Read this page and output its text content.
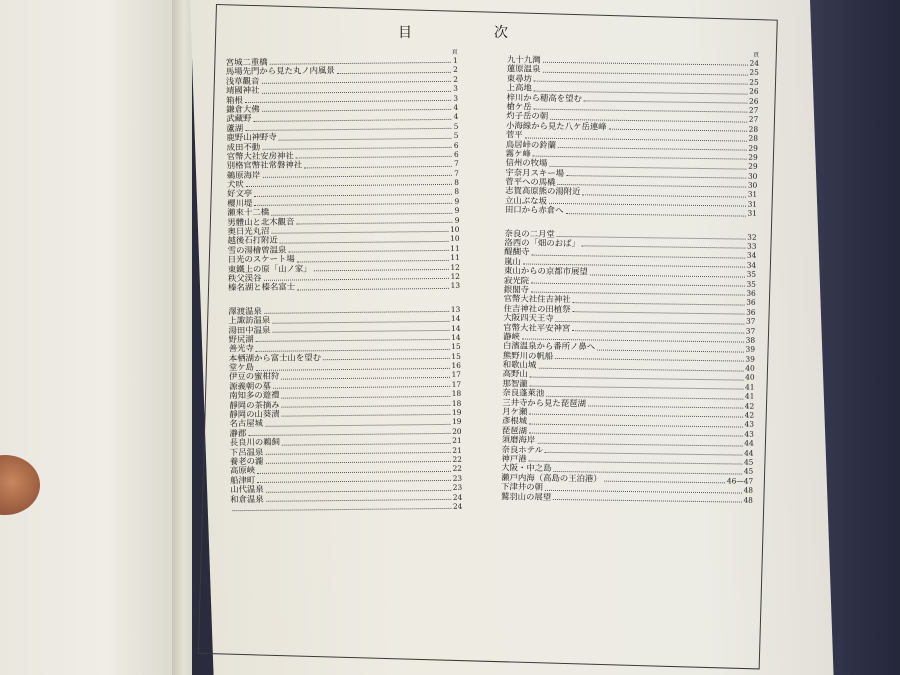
目　次
頁
宮城二重橋	1
馬場先門から見た丸ノ内風景	2
浅草觀音	2
靖國神社	3
箱根	3
鎌倉大佛	4
武藏野	4
蘆湖	5
鹿野山神野寺	5
成田不動	6
官幣大社安房神社	6
別格官幣社常磐神社	7
鵜原海岸	7
犬吠	8
好文亭	8
櫻川堤	9
瀨來十二橋	9
男體山と北木觀音	9
奥日光丸沼	10
越後石打附近	10
雪の湯檜曾温泉	11
日光のスケート場	11
東鐵上の原「山ノ家」	12
秩父渓谷	12
榛名湖と榛名富士	13
澤渡温泉	13
上諏訪温泉	14
湯田中温泉	14
野尻湖	14
善光寺	15
本栖湖から富士山を望む	15
堂ケ島	16
伊豆の蜜柑狩	17
源義朝の墓	17
南知多の遊禮	18
靜岡の茶摘み	18
靜岡の山葵漬	19
名古屋城	19
瀞郡	20
長良川の鵜飼	21
下呂温泉	21
養老の瀧	22
高原峽	22
船津町	23
山代温泉	23
和倉温泉	24
24
頁
九十九灣	24
蓮原温泉	25
東尋坊	25
上高地	26
梓川から穂高を望む	26
槍ケ岳	27
灼子岳の朝	27
小海線から見た八ケ岳連峰	28
菅平	28
鳥居峠の鈴蘭	29
霧ケ峰	29
信州の牧場	29
宇奈月スキー場	30
菅平への馬橇	30
志賀高原熊の湯附近	31
立山ぶな坂	31
田口から赤倉へ	31
奈良の二月堂	32
洛西の「畑のおば」	33
醍醐寺	34
嵐山	34
東山からの京都市展望	35
寂光院	35
銀閣寺	36
官幣大社住吉神社	36
住吉神社の田植祭	36
大阪四天王寺	37
官幣大社平安神宮	37
瀞峽	38
白濱温泉から番所ノ鼻へ	39
熊野川の帆船	39
和歌山城	40
高野山	40
那智瀧	41
奈良蓬萊池	41
三井寺から見た琵琶湖	42
月ケ瀬	42
彥根城	43
琵琶湖	43
須磨海岸	44
奈良ホテル	44
神戸港	45
大阪・中之島	45
瀨戸内海（高島の王泊港）	46—47
下津井の朝	48
鷲羽山の展望	48
